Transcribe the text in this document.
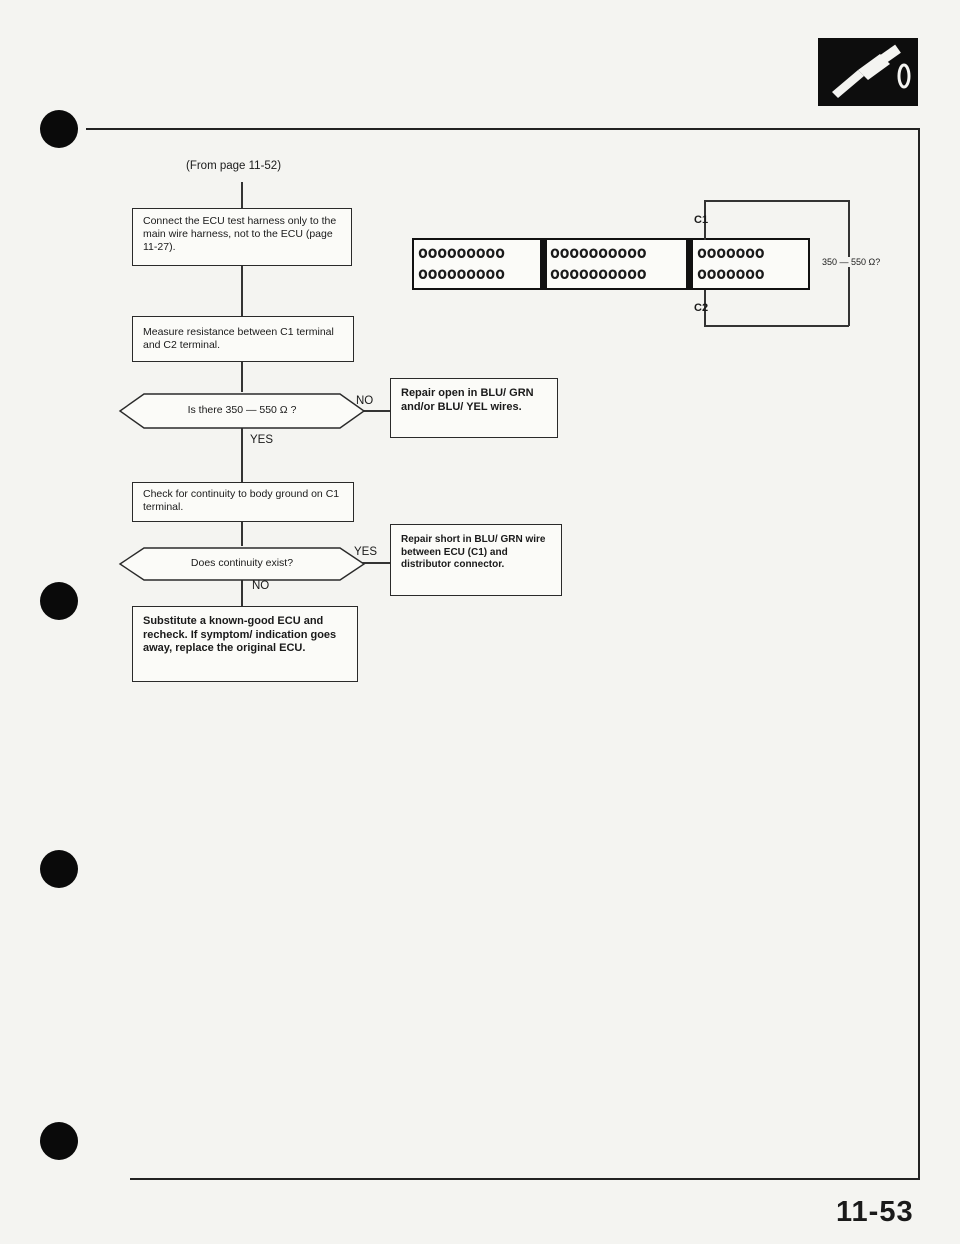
(From page 11-52)
Connect the ECU test harness only to the main wire harness, not to the ECU (page 11-27).
Measure resistance between C1 terminal and C2 terminal.
Is there 350 — 550 Ω ?
NO
YES
Repair open in BLU/ GRN and/or BLU/ YEL wires.
Check for continuity to body ground on C1 terminal.
Does continuity exist?
YES
NO
Repair short in BLU/ GRN wire between ECU (C1) and distributor connector.
Substitute a known-good ECU and recheck. If symptom/ indication goes away, replace the original ECU.
ooooooooo
ooooooooo
oooooooooo
oooooooooo
ooooooo
ooooooo
C1
C2
350 — 550 Ω?
11-53
